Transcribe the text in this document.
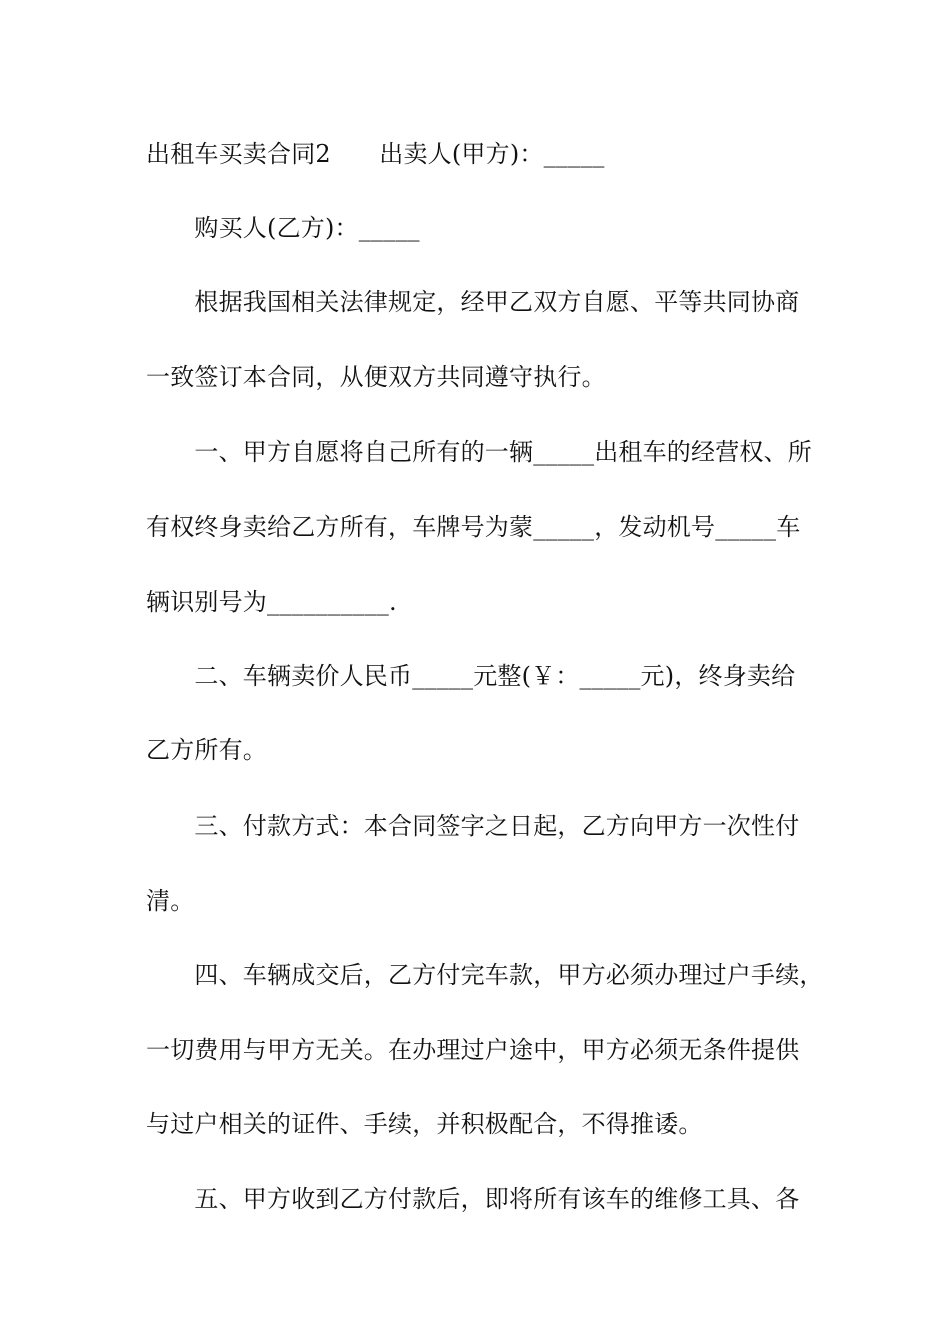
出租车买卖合同2　　出卖人(甲方)：_____
　　购买人(乙方)：_____
　　根据我国相关法律规定，经甲乙双方自愿、平等共同协商
一致签订本合同，从便双方共同遵守执行。
　　一、甲方自愿将自己所有的一辆_____出租车的经营权、所
有权终身卖给乙方所有，车牌号为蒙_____，发动机号_____车
辆识别号为__________.
　　二、车辆卖价人民币_____元整(￥：_____元)，终身卖给
乙方所有。
　　三、付款方式：本合同签字之日起，乙方向甲方一次性付
清。
　　四、车辆成交后，乙方付完车款，甲方必须办理过户手续，
一切费用与甲方无关。在办理过户途中，甲方必须无条件提供
与过户相关的证件、手续，并积极配合，不得推诿。
　　五、甲方收到乙方付款后，即将所有该车的维修工具、各
